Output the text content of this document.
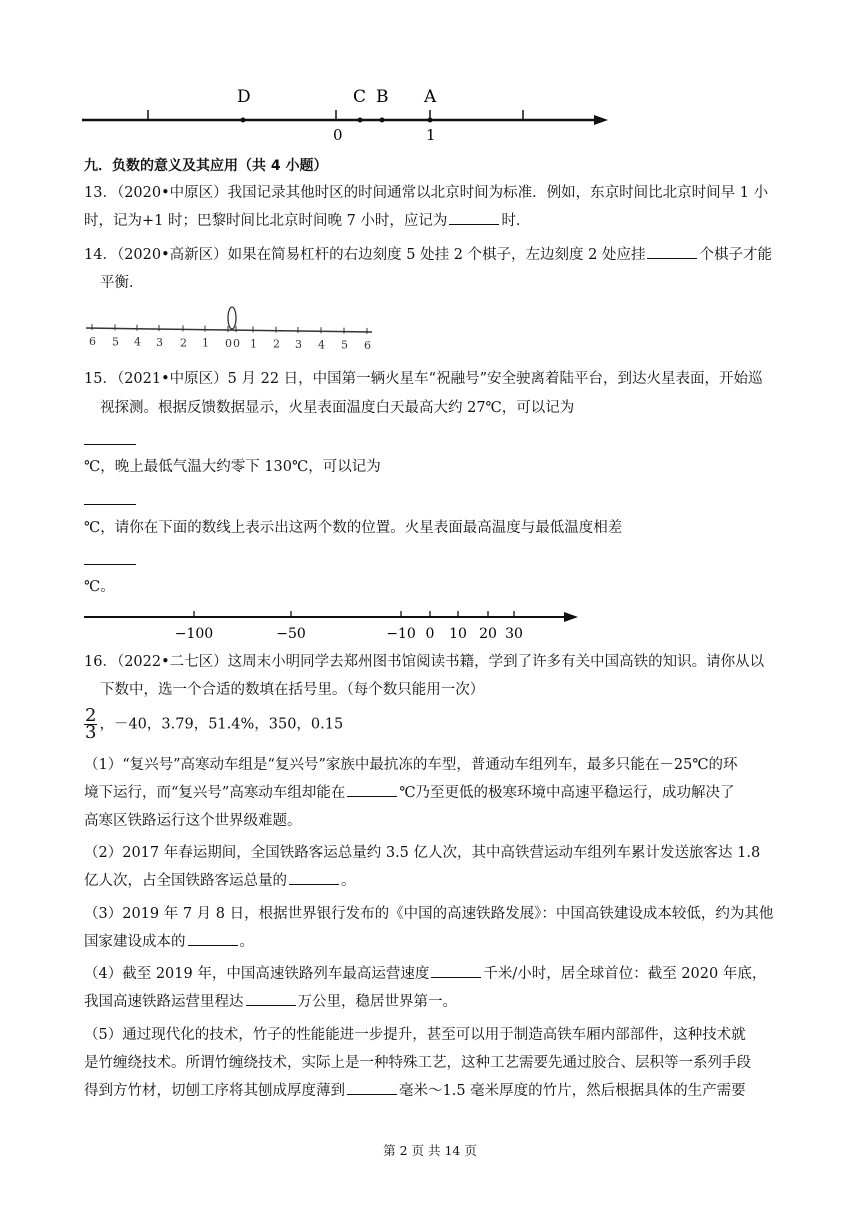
D	C B A
0	1
九．负数的意义及其应用（共 4 小题）
13．（2020•中原区）我国记录其他时区的时间通常以北京时间为标准．例如，东京时间比北京时间早 1 小
时，记为+1 时；巴黎时间比北京时间晚 7 小时，应记为	时．
14．（2020•高新区）如果在简易杠杆的右边刻度 5 处挂 2 个棋子，左边刻度 2 处应挂	个棋子才能
平衡．
6 5 4 3 2 1 0 0 1 2 3 4 5 6
15．（2021•中原区）5 月 22 日，中国第一辆火星车“祝融号”安全驶离着陆平台，到达火星表面，开始巡
视探测。根据反馈数据显示，火星表面温度白天最高大约 27℃，可以记为
℃，晚上最低气温大约零下 130℃，可以记为
℃，请你在下面的数线上表示出这两个数的位置。火星表面最高温度与最低温度相差
℃。
−100	−50	−10 0 10 20 30
16．（2022•二七区）这周末小明同学去郑州图书馆阅读书籍，学到了许多有关中国高铁的知识。请你从以
下数中，选一个合适的数填在括号里。（每个数只能用一次）
$\frac{2}{3}$ ，－40，3.79，51.4%，350，0.15
（1）“复兴号”高寒动车组是“复兴号”家族中最抗冻的车型，普通动车组列车，最多只能在－25℃的环
境下运行，而“复兴号”高寒动车组却能在	℃乃至更低的极寒环境中高速平稳运行，成功解决了
高寒区铁路运行这个世界级难题。
（2）2017 年春运期间，全国铁路客运总量约 3.5 亿人次，其中高铁营运动车组列车累计发送旅客达 1.8
亿人次，占全国铁路客运总量的	。
（3）2019 年 7 月 8 日，根据世界银行发布的《中国的高速铁路发展》：中国高铁建设成本较低，约为其他
国家建设成本的	。
（4）截至 2019 年，中国高速铁路列车最高运营速度	千米/小时，居全球首位：截至 2020 年底，
我国高速铁路运营里程达	万公里，稳居世界第一。
（5）通过现代化的技术，竹子的性能能进一步提升，甚至可以用于制造高铁车厢内部部件，这种技术就
是竹缠绕技术。所谓竹缠绕技术，实际上是一种特殊工艺，这种工艺需要先通过胶合、层积等一系列手段
得到方竹材，切刨工序将其刨成厚度薄到	毫米～1.5 毫米厚度的竹片，然后根据具体的生产需要
第 2 页 共 14 页
